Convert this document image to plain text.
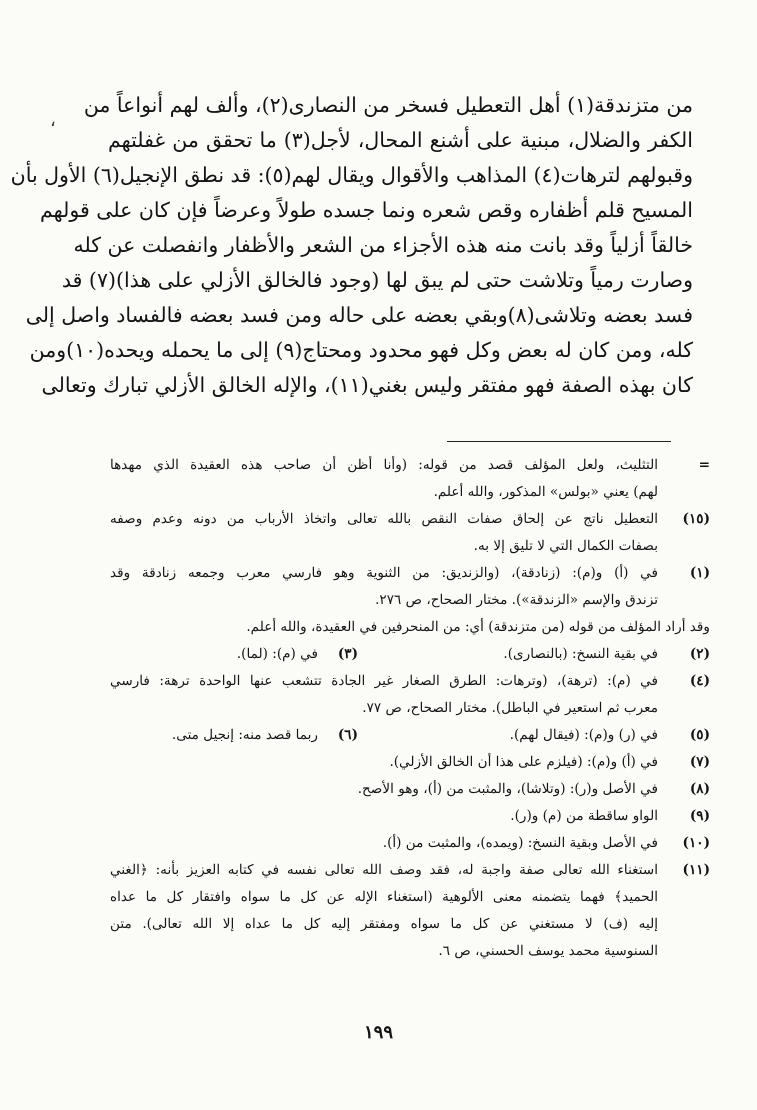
،
من متزندقة(١) أهل التعطيل فسخر من النصارى(٢)، وألف لهم أنواعاً من
الكفر والضلال، مبنية على أشنع المحال، لأجل(٣) ما تحقق من غفلتهم
وقبولهم لترهات(٤) المذاهب والأقوال ويقال لهم(٥): قد نطق الإنجيل(٦) الأول بأن
المسيح قلم أظفاره وقص شعره ونما جسده طولاً وعرضاً فإن كان على قولهم
خالقاً أزلياً وقد بانت منه هذه الأجزاء من الشعر والأظفار وانفصلت عن كله
وصارت رمياً وتلاشت حتى لم يبق لها (وجود فالخالق الأزلي على هذا)(٧) قد
فسد بعضه وتلاشى(٨)وبقي بعضه على حاله ومن فسد بعضه فالفساد واصل إلى
كله، ومن كان له بعض وكل فهو محدود ومحتاج(٩) إلى ما يحمله ويحده(١٠)ومن
كان بهذه الصفة فهو مفتقر وليس بغني(١١)، والإله الخالق الأزلي تبارك وتعالى
=
التثليث، ولعل المؤلف قصد من قوله: (وأنا أظن أن صاحب هذه العقيدة الذي مهدها
لهم) يعني «بولس» المذكور، والله أعلم.
(١٥)
التعطيل ناتج عن إلحاق صفات النقص بالله تعالى واتخاذ الأرباب من دونه وعدم وصفه
بصفات الكمال التي لا تليق إلا به.
(١)
في (أ) و(م): (زنادقة)، (والزنديق: من الثنوية وهو فارسي معرب وجمعه زنادقة وقد
تزندق والإسم «الزندقة»). مختار الصحاح، ص ٢٧٦.
وقد أراد المؤلف من قوله (من متزندقة) أي: من المنحرفين في العقيدة، والله أعلم.
(٢)
في بقية النسخ: (بالنصارى).
(٣)
في (م): (لما).
(٤)
في (م): (ترهة)، (وترهات: الطرق الصغار غير الجادة تتشعب عنها الواحدة ترهة: فارسي
معرب ثم استعير في الباطل). مختار الصحاح، ص ٧٧.
(٥)
في (ر) و(م): (فيقال لهم).
(٦)
ربما قصد منه: إنجيل متى.
(٧)
في (أ) و(م): (فيلزم على هذا أن الخالق الأزلي).
(٨)
في الأصل و(ر): (وتلاشا)، والمثبت من (أ)، وهو الأصح.
(٩)
الواو ساقطة من (م) و(ر).
(١٠)
في الأصل وبقية النسخ: (ويمده)، والمثبت من (أ).
(١١)
استغناء الله تعالى صفة واجبة له، فقد وصف الله تعالى نفسه في كتابه العزيز بأنه: ﴿الغني
الحميد﴾ فهما يتضمنه معنى الألوهية (استغناء الإله عن كل ما سواه وافتقار كل ما عداه
إليه (ف) لا مستغني عن كل ما سواه ومفتقر إليه كل ما عداه إلا الله تعالى). متن
السنوسية محمد يوسف الحسني، ص ٦.
١٩٩
